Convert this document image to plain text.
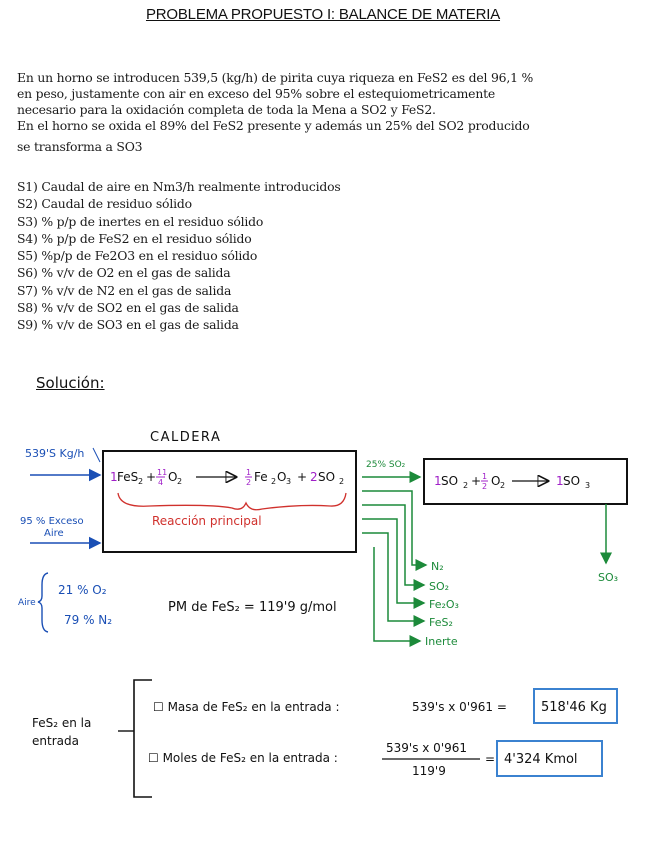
PROBLEMA PROPUESTO I: BALANCE DE MATERIA

En un horno se introducen 539,5 (kg/h) de pirita cuya riqueza en FeS2 es del 96,1 %

en peso, justamente con air en exceso del 95% sobre el estequiometricamente

necesario para la oxidación completa de toda la Mena a SO2 y FeS2.

En el horno se oxida el 89% del FeS2 presente y además un 25% del SO2 producido

se transforma a SO3

S1) Caudal de aire en Nm3/h realmente introducidos
S2) Caudal de residuo sólido
S3) % p/p de inertes en el residuo sólido
S4) % p/p de FeS2 en el residuo sólido
S5) %p/p de Fe2O3 en el residuo sólido
S6) % v/v de O2 en el gas de salida
S7) % v/v de N2 en el gas de salida
S8) % v/v de SO2 en el gas de salida
S9) % v/v de SO3 en el gas de salida
Solución:
CALDERA
539'S Kg/h
95 % Exceso
Aire
1 FeS 2 + 11
4 O 2
1
2 Fe 2 O 3 + 2 SO 2
Reacción principal
25% SO₂
1 SO 2 + 1
2 O 2	1 SO 3
SO₃
N₂
SO₂
Fe₂O₃
FeS₂
Inerte
Aire
21 % O₂
79 % N₂
PM de FeS₂ = 119'9 g/mol
FeS₂ en la
entrada
☐ Masa de FeS₂ en la entrada :	539's x 0'961 =	518'46 Kg
☐ Moles de FeS₂ en la entrada :
539's x 0'961
119'9
= 4'324 Kmol
